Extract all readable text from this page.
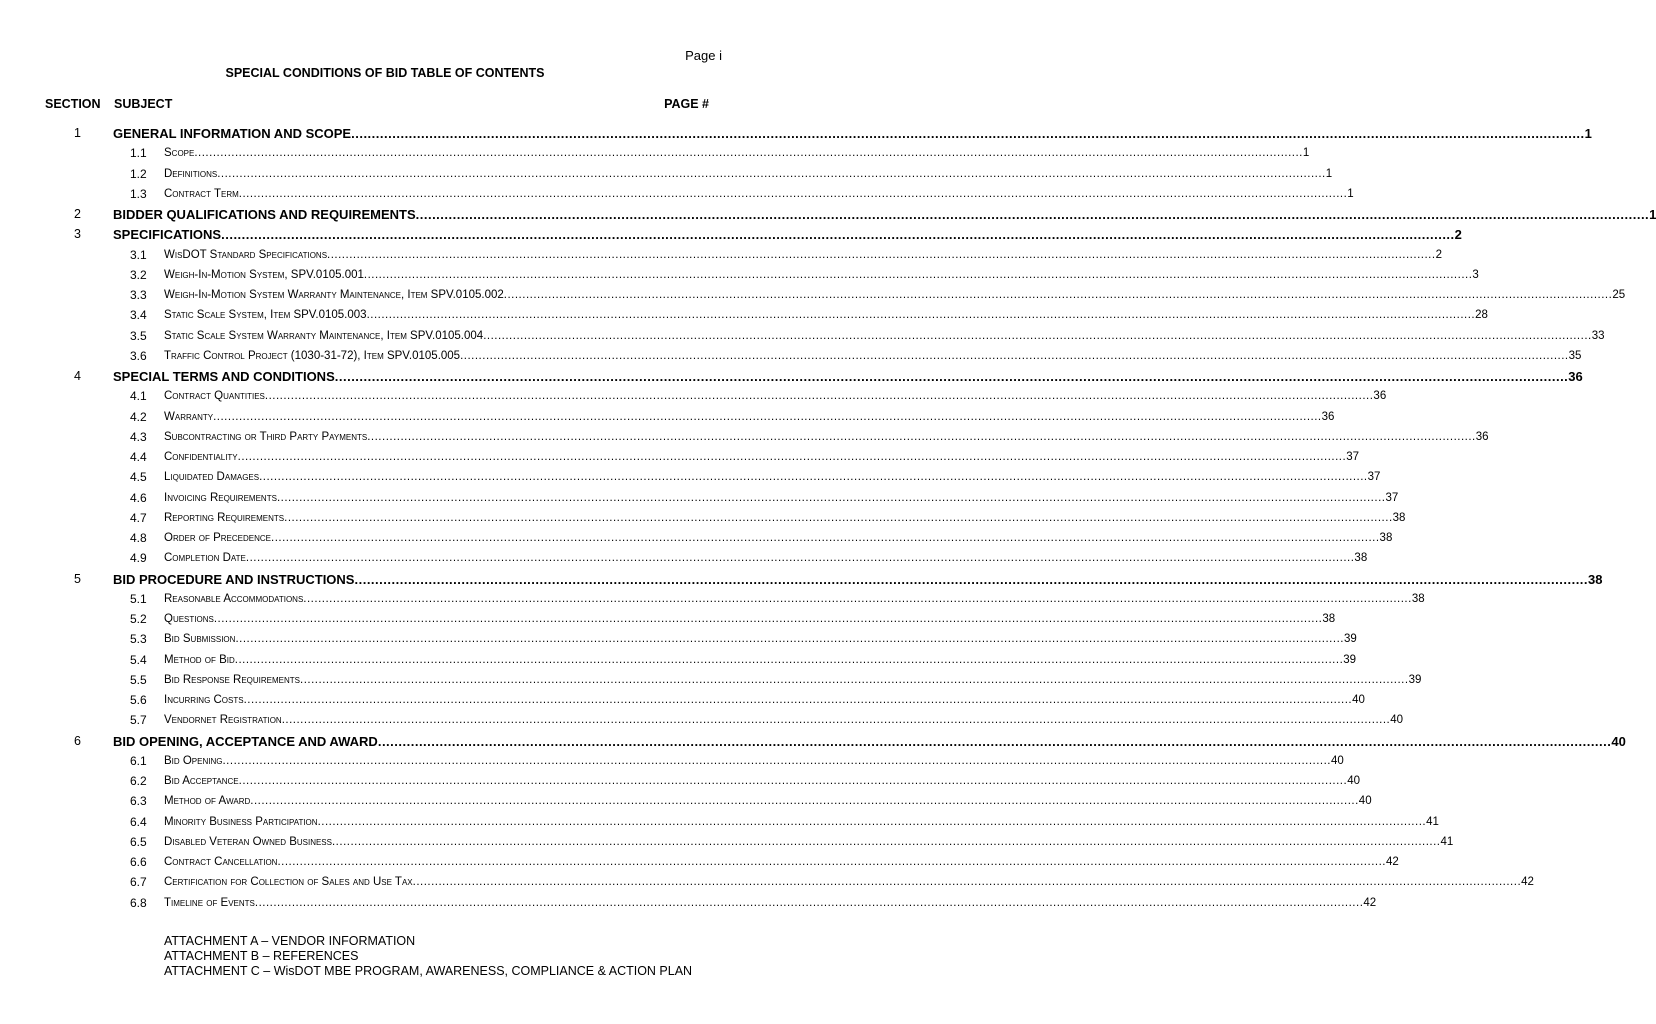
Page i
SPECIAL CONDITIONS OF BID TABLE OF CONTENTS
SECTION SUBJECT	PAGE #
1 GENERAL INFORMATION AND SCOPE ............................................................................................................................................................................................................................................................................................................ 1
1.1 Scope ............................................................................................................................................................................................................................................................................................................ 1
1.2 Definitions ............................................................................................................................................................................................................................................................................................................ 1
1.3 Contract Term ............................................................................................................................................................................................................................................................................................................ 1
2 BIDDER QUALIFICATIONS AND REQUIREMENTS ............................................................................................................................................................................................................................................................................................................ 1
3 SPECIFICATIONS ............................................................................................................................................................................................................................................................................................................ 2
3.1 WisDOT Standard Specifications ............................................................................................................................................................................................................................................................................................................ 2
3.2 Weigh-In-Motion System, SPV.0105.001 ............................................................................................................................................................................................................................................................................................................ 3
3.3 Weigh-In-Motion System Warranty Maintenance, Item SPV.0105.002 ............................................................................................................................................................................................................................................................................................................ 25
3.4 Static Scale System, Item SPV.0105.003 ............................................................................................................................................................................................................................................................................................................ 28
3.5 Static Scale System Warranty Maintenance, Item SPV.0105.004 ............................................................................................................................................................................................................................................................................................................ 33
3.6 Traffic Control Project (1030-31-72), Item SPV.0105.005 ............................................................................................................................................................................................................................................................................................................ 35
4 SPECIAL TERMS AND CONDITIONS ............................................................................................................................................................................................................................................................................................................ 36
4.1 Contract Quantities ............................................................................................................................................................................................................................................................................................................ 36
4.2 Warranty ............................................................................................................................................................................................................................................................................................................ 36
4.3 Subcontracting or Third Party Payments ............................................................................................................................................................................................................................................................................................................ 36
4.4 Confidentiality ............................................................................................................................................................................................................................................................................................................ 37
4.5 Liquidated Damages ............................................................................................................................................................................................................................................................................................................ 37
4.6 Invoicing Requirements ............................................................................................................................................................................................................................................................................................................ 37
4.7 Reporting Requirements ............................................................................................................................................................................................................................................................................................................ 38
4.8 Order of Precedence ............................................................................................................................................................................................................................................................................................................ 38
4.9 Completion Date ............................................................................................................................................................................................................................................................................................................ 38
5 BID PROCEDURE AND INSTRUCTIONS ............................................................................................................................................................................................................................................................................................................ 38
5.1 Reasonable Accommodations ............................................................................................................................................................................................................................................................................................................ 38
5.2 Questions ............................................................................................................................................................................................................................................................................................................ 38
5.3 Bid Submission ............................................................................................................................................................................................................................................................................................................ 39
5.4 Method of Bid ............................................................................................................................................................................................................................................................................................................ 39
5.5 Bid Response Requirements ............................................................................................................................................................................................................................................................................................................ 39
5.6 Incurring Costs ............................................................................................................................................................................................................................................................................................................ 40
5.7 Vendornet Registration ............................................................................................................................................................................................................................................................................................................ 40
6 BID OPENING, ACCEPTANCE AND AWARD ............................................................................................................................................................................................................................................................................................................ 40
6.1 Bid Opening ............................................................................................................................................................................................................................................................................................................ 40
6.2 Bid Acceptance ............................................................................................................................................................................................................................................................................................................ 40
6.3 Method of Award ............................................................................................................................................................................................................................................................................................................ 40
6.4 Minority Business Participation ............................................................................................................................................................................................................................................................................................................ 41
6.5 Disabled Veteran Owned Business ............................................................................................................................................................................................................................................................................................................ 41
6.6 Contract Cancellation ............................................................................................................................................................................................................................................................................................................ 42
6.7 Certification for Collection of Sales and Use Tax ............................................................................................................................................................................................................................................................................................................ 42
6.8 Timeline of Events ............................................................................................................................................................................................................................................................................................................ 42
ATTACHMENT A – VENDOR INFORMATION
ATTACHMENT B – REFERENCES
ATTACHMENT C – WisDOT MBE PROGRAM, AWARENESS, COMPLIANCE & ACTION PLAN
